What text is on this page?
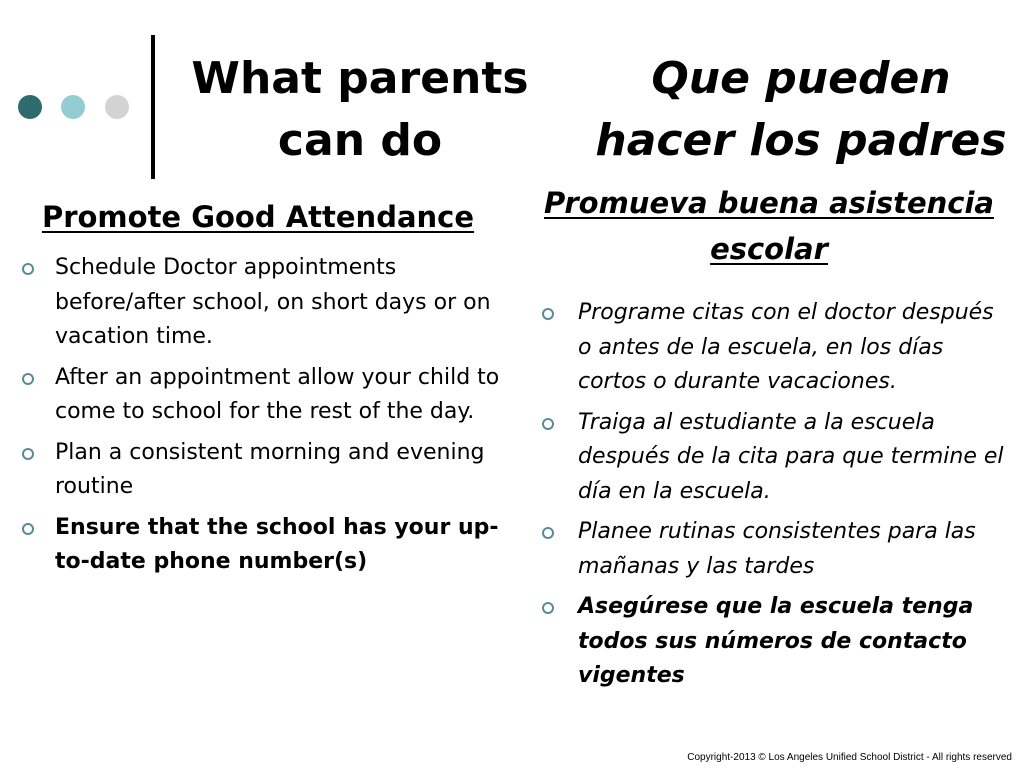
What parents
can do
Que pueden
hacer los padres
Promote Good Attendance	Promueva buena asistencia
escolar
Schedule Doctor appointments before/after school, on short days or on vacation time.
After an appointment allow your child to come to school for the rest of the day.
Plan a consistent morning and evening routine
Ensure that the school has your up-to-date phone number(s)
Programe citas con el doctor después o antes de la escuela, en los días cortos o durante vacaciones.
Traiga al estudiante a la escuela después de la cita para que termine el día en la escuela.
Planee rutinas consistentes para las mañanas y las tardes
Asegúrese que la escuela tenga todos sus números de contacto vigentes
Copyright-2013 © Los Angeles Unified School District - All rights reserved
